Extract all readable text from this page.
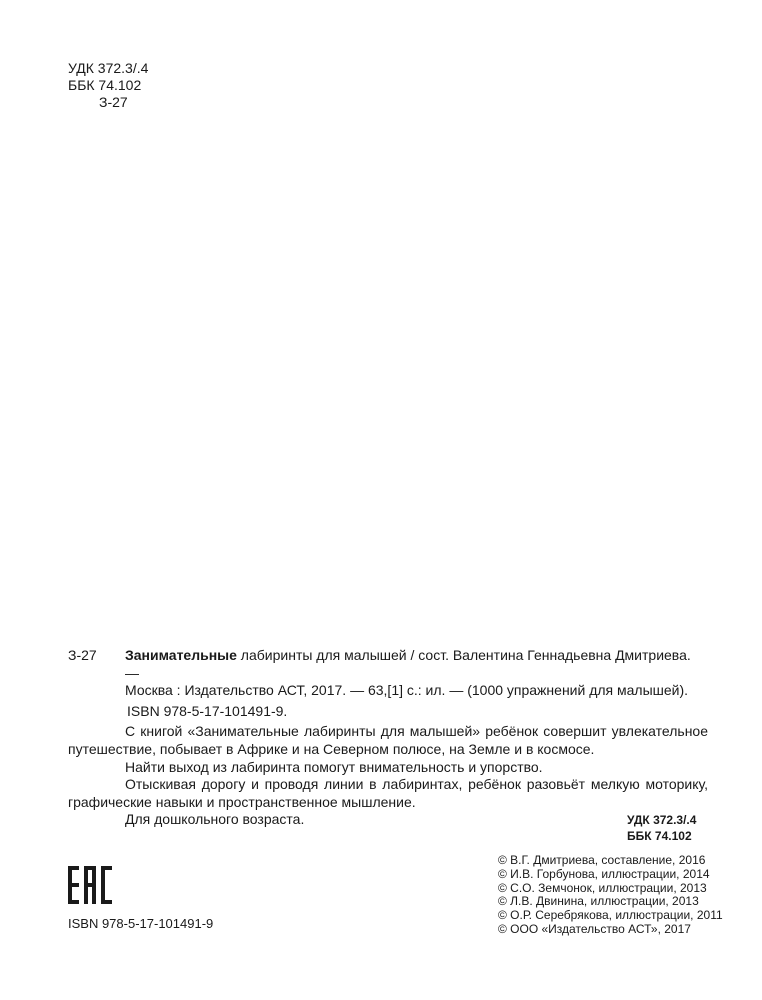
УДК 372.3/.4
ББК 74.102
З-27
З-27	Занимательные лабиринты для малышей / сост. Валентина Геннадьевна Дмитриева. —
Москва : Издательство АСТ, 2017. — 63,[1] с.: ил. — (1000 упражнений для малышей).
ISBN 978-5-17-101491-9.

С книгой «Занимательные лабиринты для малышей» ребёнок совершит увлекательное путешествие, побывает в Африке и на Северном полюсе, на Земле и в космосе.

Найти выход из лабиринта помогут внимательность и упорство.

Отыскивая дорогу и проводя линии в лабиринтах, ребёнок разовьёт мелкую моторику, графические навыки и пространственное мышление.

Для дошкольного возраста.	УДК 372.3/.4
ББК 74.102
ISBN 978-5-17-101491-9
© В.Г. Дмитриева, составление, 2016
© И.В. Горбунова, иллюстрации, 2014
© С.О. Земчонок, иллюстрации, 2013
© Л.В. Двинина, иллюстрации, 2013
© О.Р. Серебрякова, иллюстрации, 2011
© ООО «Издательство АСТ», 2017
